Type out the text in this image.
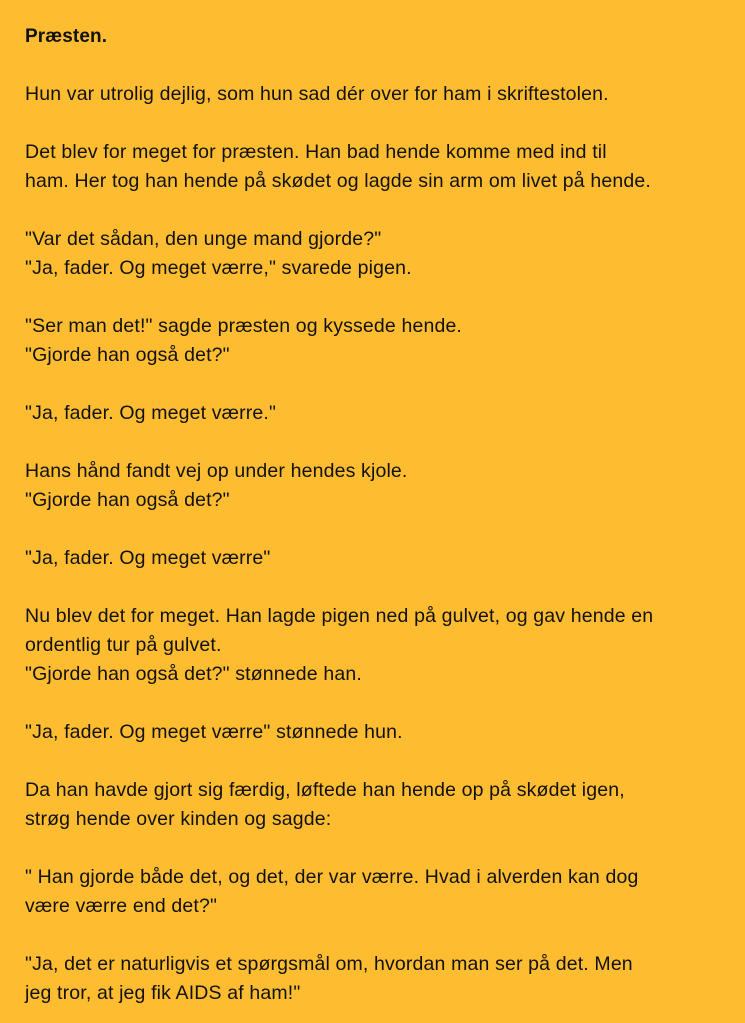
Præsten.

Hun var utrolig dejlig, som hun sad dér over for ham i skriftestolen.

Det blev for meget for præsten. Han bad hende komme med ind til
ham. Her tog han hende på skødet og lagde sin arm om livet på hende.

"Var det sådan, den unge mand gjorde?"
"Ja, fader. Og meget værre," svarede pigen.

"Ser man det!" sagde præsten og kyssede hende.
"Gjorde han også det?"

"Ja, fader. Og meget værre."

Hans hånd fandt vej op under hendes kjole.
"Gjorde han også det?"

"Ja, fader. Og meget værre"

Nu blev det for meget. Han lagde pigen ned på gulvet, og gav hende en
ordentlig tur på gulvet.
"Gjorde han også det?" stønnede han.

"Ja, fader. Og meget værre" stønnede hun.

Da han havde gjort sig færdig, løftede han hende op på skødet igen,
strøg hende over kinden og sagde:

" Han gjorde både det, og det, der var værre. Hvad i alverden kan dog
være værre end det?"

"Ja, det er naturligvis et spørgsmål om, hvordan man ser på det. Men
jeg tror, at jeg fik AIDS af ham!"
